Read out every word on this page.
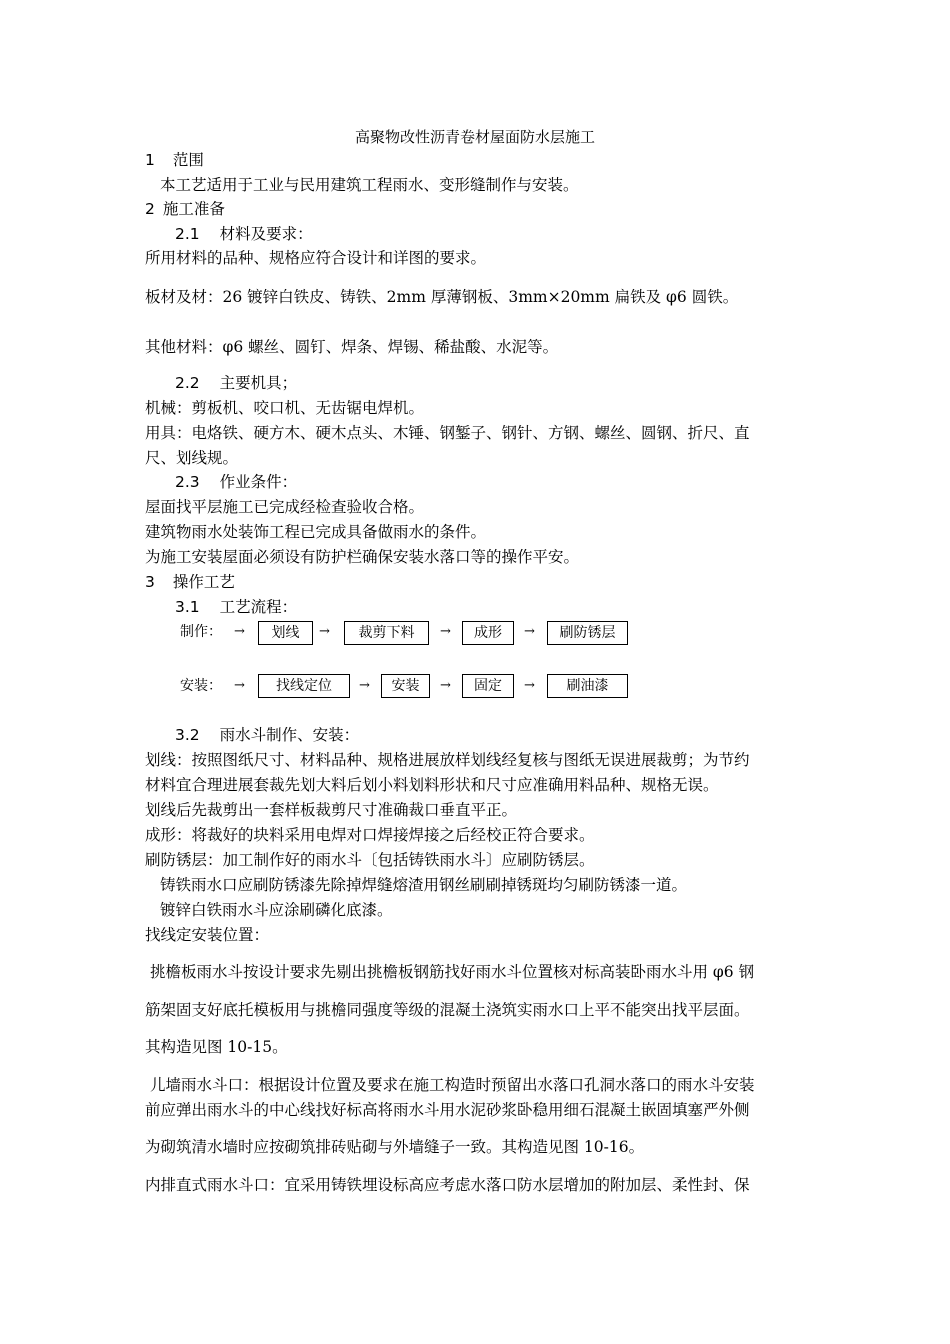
高聚物改性沥青卷材屋面防水层施工
1 范围
本工艺适用于工业与民用建筑工程雨水、变形缝制作与安装。
2 施工准备
2.1 材料及要求：
所用材料的品种、规格应符合设计和详图的要求。
板材及材：26 镀锌白铁皮、铸铁、2mm 厚薄钢板、3mm×20mm 扁铁及 φ6 圆铁。
其他材料：φ6 螺丝、圆钉、焊条、焊锡、稀盐酸、水泥等。
2.2 主要机具；
机械：剪板机、咬口机、无齿锯电焊机。
用具：电烙铁、硬方木、硬木点头、木锤、钢錾子、钢针、方钢、螺丝、圆钢、折尺、直
尺、划线规。
2.3 作业条件：
屋面找平层施工已完成经检查验收合格。
建筑物雨水处装饰工程已完成具备做雨水的条件。
为施工安装屋面必须设有防护栏确保安装水落口等的操作平安。
3 操作工艺
3.1 工艺流程：
制作： →	划线	→	裁剪下料	→	成形	→	刷防锈层
安装： →	找线定位	→	安装	→	固定	→	刷油漆
3.2 雨水斗制作、安装：
划线：按照图纸尺寸、材料品种、规格进展放样划线经复核与图纸无误进展裁剪；为节约
材料宜合理进展套裁先划大料后划小料划料形状和尺寸应准确用料品种、规格无误。
划线后先裁剪出一套样板裁剪尺寸准确裁口垂直平正。
成形：将裁好的块料采用电焊对口焊接焊接之后经校正符合要求。
刷防锈层：加工制作好的雨水斗〔包括铸铁雨水斗〕应刷防锈层。
铸铁雨水口应刷防锈漆先除掉焊缝熔渣用钢丝刷刷掉锈斑均匀刷防锈漆一道。
镀锌白铁雨水斗应涂刷磷化底漆。
找线定安装位置：
挑檐板雨水斗按设计要求先剔出挑檐板钢筋找好雨水斗位置核对标高装卧雨水斗用 φ6 钢
筋架固支好底托模板用与挑檐同强度等级的混凝土浇筑实雨水口上平不能突出找平层面。
其构造见图 10-15。
儿墙雨水斗口：根据设计位置及要求在施工构造时预留出水落口孔洞水落口的雨水斗安装
前应弹出雨水斗的中心线找好标高将雨水斗用水泥砂浆卧稳用细石混凝土嵌固填塞严外侧
为砌筑清水墙时应按砌筑排砖贴砌与外墙缝子一致。其构造见图 10-16。
内排直式雨水斗口：宜采用铸铁埋设标高应考虑水落口防水层增加的附加层、柔性封、保
